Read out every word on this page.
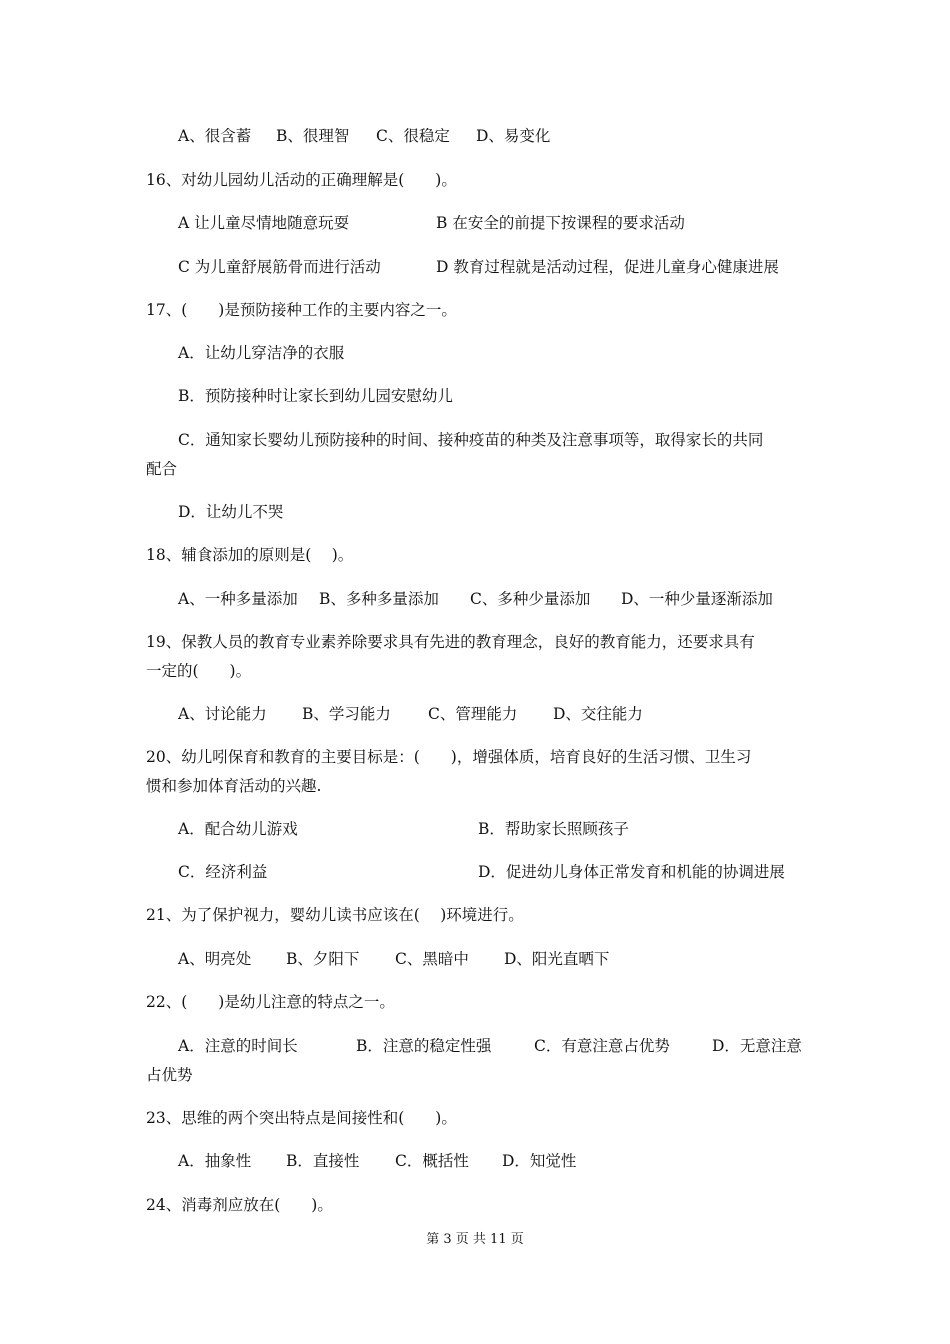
A、很含蓄 B、很理智 C、很稳定 D、易变化
16、对幼儿园幼儿活动的正确理解是(　　)。
A 让儿童尽情地随意玩耍	B 在安全的前提下按课程的要求活动
C 为儿童舒展筋骨而进行活动	D 教育过程就是活动过程，促进儿童身心健康进展
17、(　　)是预防接种工作的主要内容之一。
A．让幼儿穿洁净的衣服
B．预防接种时让家长到幼儿园安慰幼儿
C．通知家长婴幼儿预防接种的时间、接种疫苗的种类及注意事项等，取得家长的共同
配合
D．让幼儿不哭
18、辅食添加的原则是(　 )。
A、一种多量添加 B、多种多量添加 C、多种少量添加 D、一种少量逐渐添加
19、保教人员的教育专业素养除要求具有先进的教育理念，良好的教育能力，还要求具有
一定的(　　)。
A、讨论能力 B、学习能力 C、管理能力 D、交往能力
20、幼儿吲保育和教育的主要目标是：(　　)，增强体质，培育良好的生活习惯、卫生习
惯和参加体育活动的兴趣.
A．配合幼儿游戏	B．帮助家长照顾孩子
C．经济利益	D．促进幼儿身体正常发育和机能的协调进展
21、为了保护视力，婴幼儿读书应该在(　 )环境进行。
A、明亮处 B、夕阳下 C、黑暗中 D、阳光直晒下
22、(　　)是幼儿注意的特点之一。
A．注意的时间长	B．注意的稳定性强	C．有意注意占优势	D．无意注意
占优势
23、思维的两个突出特点是间接性和(　　)。
A．抽象性 B．直接性 C．概括性 D．知觉性
24、消毒剂应放在(　　)。
第 3 页 共 11 页
